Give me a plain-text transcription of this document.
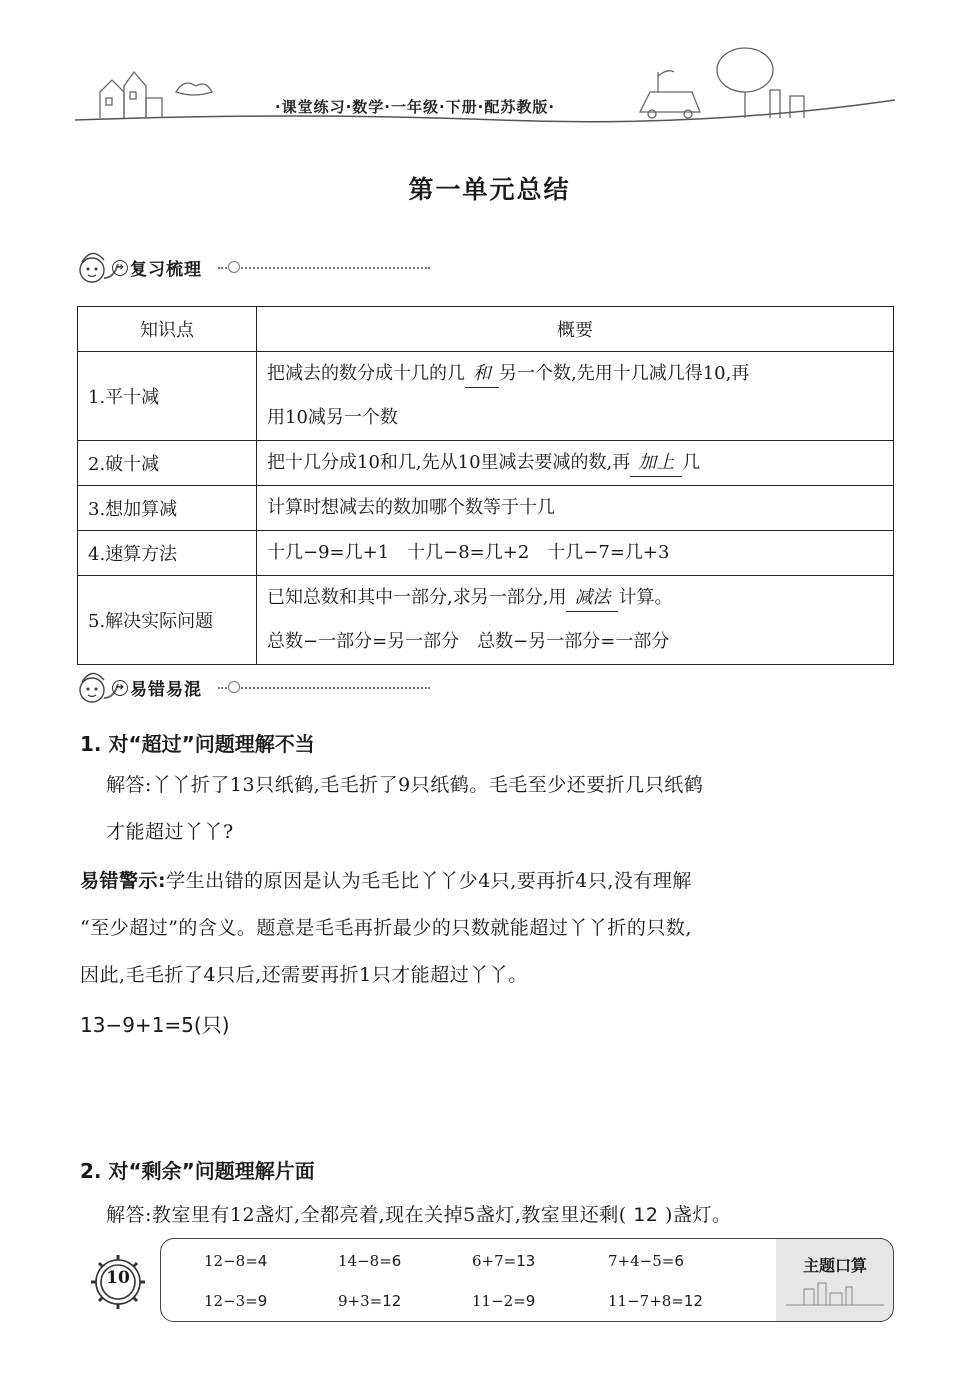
·课堂练习·数学·一年级·下册·配苏教版·
第一单元总结
➔ 复习梳理
知识点	概要
1.平十减	把减去的数分成十几的几 和 另一个数,先用十几减几得10,再
用10减另一个数
2.破十减	把十几分成10和几,先从10里减去要减的数,再 加上 几
3.想加算减	计算时想减去的数加哪个数等于十几
4.速算方法	十几−9=几+1　十几−8=几+2　十几−7=几+3
5.解决实际问题	已知总数和其中一部分,求另一部分,用 减法 计算。
总数−一部分=另一部分　总数−另一部分=一部分
➔ 易错易混
1. 对“超过”问题理解不当
解答:丫丫折了13只纸鹤,毛毛折了9只纸鹤。毛毛至少还要折几只纸鹤
才能超过丫丫?
易错警示:学生出错的原因是认为毛毛比丫丫少4只,要再折4只,没有理解
“至少超过”的含义。题意是毛毛再折最少的只数就能超过丫丫折的只数,
因此,毛毛折了4只后,还需要再折1只才能超过丫丫。
13−9+1=5(只)
2. 对“剩余”问题理解片面
解答:教室里有12盏灯,全都亮着,现在关掉5盏灯,教室里还剩( 12 )盏灯。
10
主题口算
12−8=4	14−8=6	6+7=13	7+4−5=6
12−3=9	9+3=12	11−2=9	11−7+8=12
